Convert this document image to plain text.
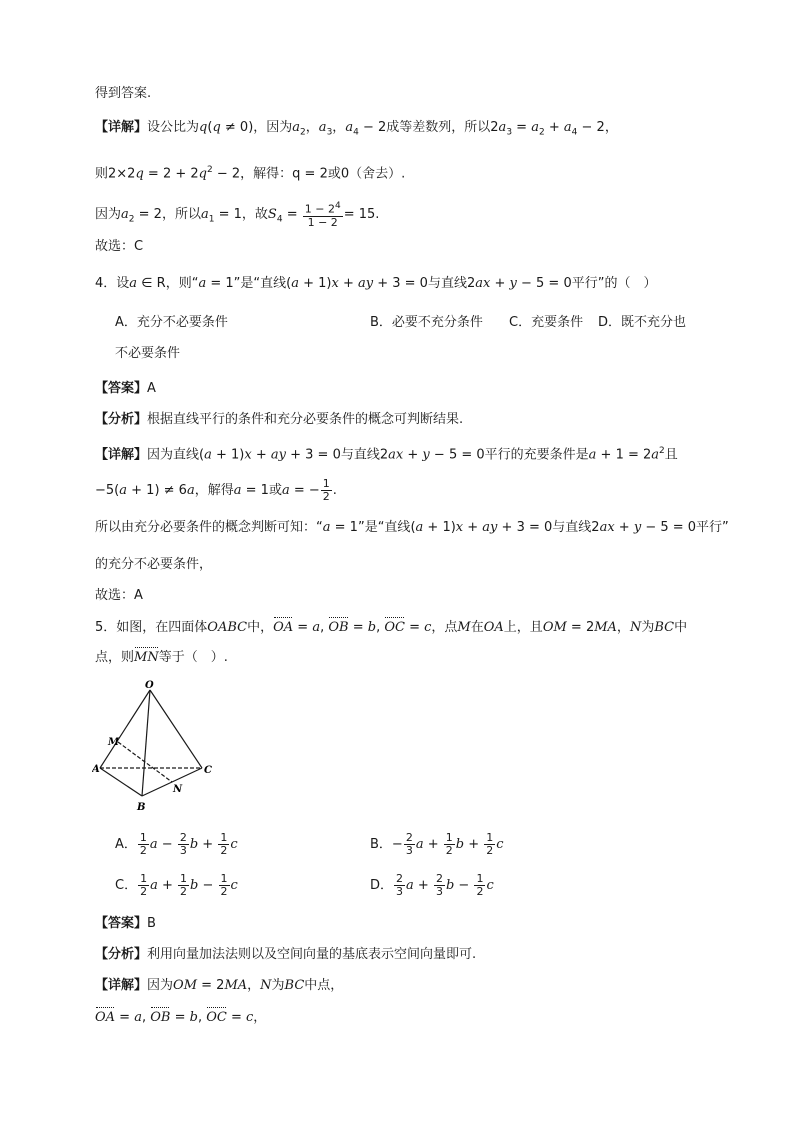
得到答案.
【详解】设公比为q(q ≠ 0)，因为$a_2$，$a_3$，$a_4 - 2$成等差数列，所以$2a_3 = a_2 + a_4 - 2$，
则$2\times 2q = 2 + 2q^2 - 2$，解得：q = 2或0（舍去）.
因为$a_2 = 2$，所以$a_1 = 1$，故$S_4 = \frac{1 - 2^4}{1 - 2} = 15$.
故选：C
4．设a ∈ R，则“a = 1”是“直线(a + 1)x + ay + 3 = 0与直线2ax + y − 5 = 0平行”的（　）
A．充分不必要条件	B．必要不充分条件 C．充要条件 D．既不充分也
不必要条件
【答案】A
【分析】根据直线平行的条件和充分必要条件的概念可判断结果.
【详解】因为直线(a + 1)x + ay + 3 = 0与直线2ax + y − 5 = 0平行的充要条件是$a + 1 = 2a^2$且
−5(a + 1) ≠ 6a，解得a = 1或a = − $\frac{1}{2}$ .
所以由充分必要条件的概念判断可知：“a = 1”是“直线(a + 1)x + ay + 3 = 0与直线2ax + y − 5 = 0平行”
的充分不必要条件，
故选：A
5．如图，在四面体OABC中，OA = a, OB = b, OC = c，点M在OA上，且OM = 2MA，N为BC中
点，则MN等于（　）.
O
M
A	C
B
N
A． $\frac{1}{2}$ $a - \frac{2}{3}$ $b + \frac{1}{2}$ c	B．− $\frac{2}{3}$ $a + \frac{1}{2}$ $b + \frac{1}{2}$ c
C． $\frac{1}{2}$ $a + \frac{1}{2}$ $b - \frac{1}{2}$ c	D． $\frac{2}{3}$ $a + \frac{2}{3}$ $b - \frac{1}{2}$ c
【答案】B
【分析】利用向量加法法则以及空间向量的基底表示空间向量即可.
【详解】因为OM = 2MA，N为BC中点，
OA = a, OB = b, OC = c，
